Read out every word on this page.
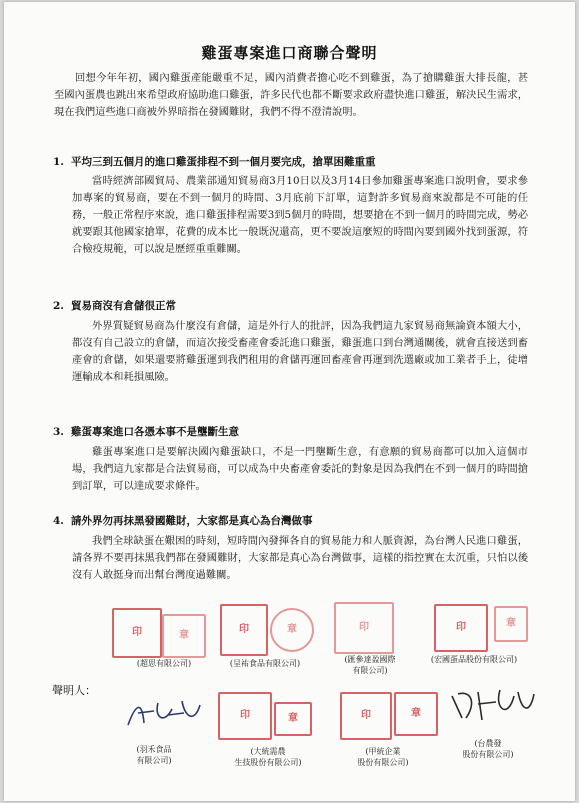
雞蛋專案進口商聯合聲明

回想今年年初，國內雞蛋產能嚴重不足，國內消費者擔心吃不到雞蛋，為了搶購雞蛋大排長龍，甚至國內蛋農也跳出來希望政府協助進口雞蛋，許多民代也都不斷要求政府盡快進口雞蛋，解決民生需求，現在我們這些進口商被外界暗指在發國難財，我們不得不澄清說明。

1. 平均三到五個月的進口雞蛋排程不到一個月要完成，搶單困難重重

當時經濟部國貿局、農業部通知貿易商3月10日以及3月14日參加雞蛋專案進口說明會，要求參加專案的貿易商，要在不到一個月的時間、3月底前下訂單，這對許多貿易商來說都是不可能的任務，一般正常程序來說，進口雞蛋排程需要3到5個月的時間，想要搶在不到一個月的時間完成，勢必就要跟其他國家搶單，花費的成本比一般既況還高，更不要說這麼短的時間內要到國外找到蛋源，符合檢疫規範，可以說是歷經重重難關。

2. 貿易商沒有倉儲很正常

外界質疑貿易商為什麼沒有倉儲，這是外行人的批評，因為我們這九家貿易商無論資本額大小，都沒有自己設立的倉儲，而這次接受畜產會委託進口雞蛋，雞蛋進口到台灣通關後，就會直接送到畜產會的倉儲，如果還要將雞蛋運到我們租用的倉儲再運回畜產會再運到洗選廠或加工業者手上，徒增運輸成本和耗損風險。

3. 雞蛋專案進口各憑本事不是壟斷生意

雞蛋專案進口是要解決國內雞蛋缺口，不是一門壟斷生意，有意願的貿易商都可以加入這個市場，我們這九家都是合法貿易商，可以成為中央畜產會委託的對象是因為我們在不到一個月的時間搶到訂單，可以達成要求條件。

4. 請外界勿再抹黑發國難財，大家都是真心為台灣做事

我們全球缺蛋在艱困的時刻，短時間內發揮各自的貿易能力和人脈資源，為台灣人民進口雞蛋，請各界不要再抹黑我們都在發國難財，大家都是真心為台灣做事，這樣的指控實在太沉重，只怕以後沒有人敢挺身而出幫台灣度過難關。

印	章
印	章	印	印	章
(超思有限公司)	(呈祐食品有限公司)	(匯參達盈國際
有限公司)
(宏國蛋品股份有限公司)
聲明人：
印	章	印	章
(羽禾食品
有限公司)
(大統需農
生技股份有限公司)
(甲統企業
股份有限公司)
(台農發
股份有限公司)
